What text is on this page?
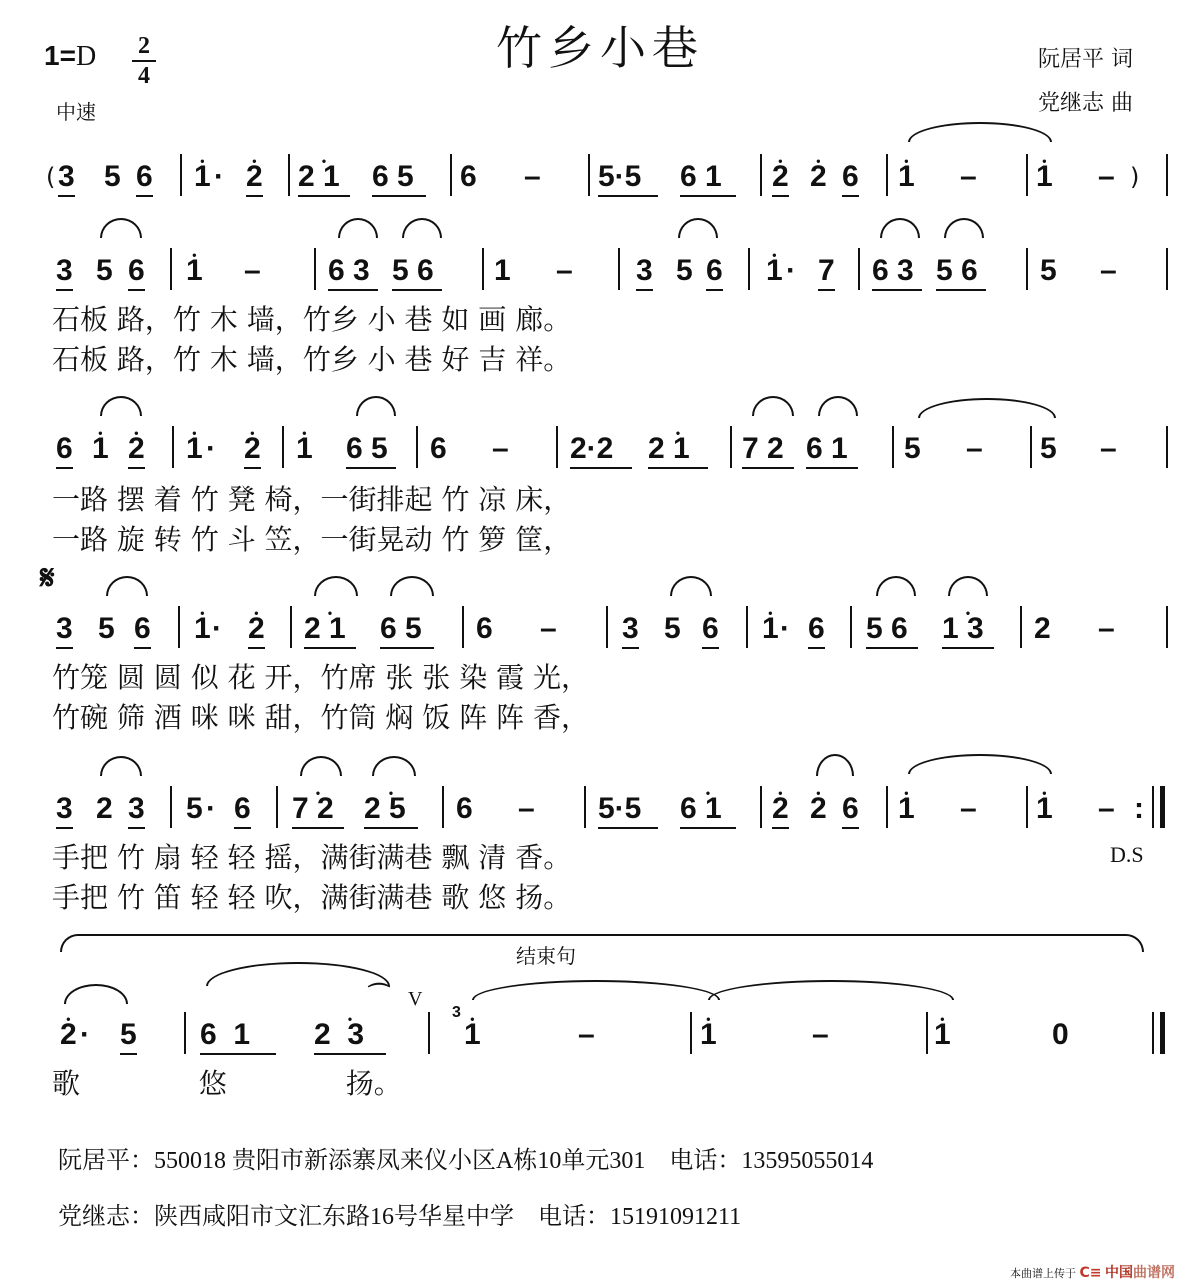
竹乡小巷
1=D 2
4
中速
阮居平 词
党继志 曲
( 3 5 6 • 1 · • 2 • 2 1	6 5	6 – 5·5	6 1	• 2 • 2 6 • 1 – • 1 – )
3 5 6 • 1 – 6 3 5 6 1 – 3 5 6 • 1 · 7 6 3 5 6 5 –
石板 路，竹 木 墙，竹乡 小 巷 如 画 廊。
石板 路，竹 木 墙，竹乡 小 巷 好 吉 祥。
6 • 1 • 2 • 1 · • 2 • 1 6 5 6 – 2·2	• 2 1	7 2 6 1	5 – 5 –
一路 摆 着 竹 凳 椅，一街排起 竹 凉 床，
一路 旋 转 竹 斗 笠，一街晃动 竹 箩 筐，
𝄋
3 5 6 • 1 · • 2 • 2 1	6 5	6 – 3 5 6 • 1 · 6 5 6	• 1 3	2 –
竹笼 圆 圆 似 花 开，竹席 张 张 染 霞 光，
竹碗 筛 酒 咪 咪 甜，竹筒 焖 饭 阵 阵 香，
3 2 3 5 · 6 • 7 2	• 2 5	6 – 5·5	• 6 1	• 2 • 2 6 • 1 – • 1 – :
手把 竹 扇 轻 轻 摇，满街满巷 飘 清 香。
手把 竹 笛 轻 轻 吹，满街满巷 歌 悠 扬。
D.S
结束句
• 2 · 5 6  1	• 2  3
⌒
3
• 1	–	• 1	–	• 1	0
V
歌 悠 扬。
阮居平：550018 贵阳市新添寨凤来仪小区A栋10单元301　电话：13595055014
党继志：陕西咸阳市文汇东路16号华星中学　电话：15191091211
本曲谱上传于 C≡ 中国曲谱网
